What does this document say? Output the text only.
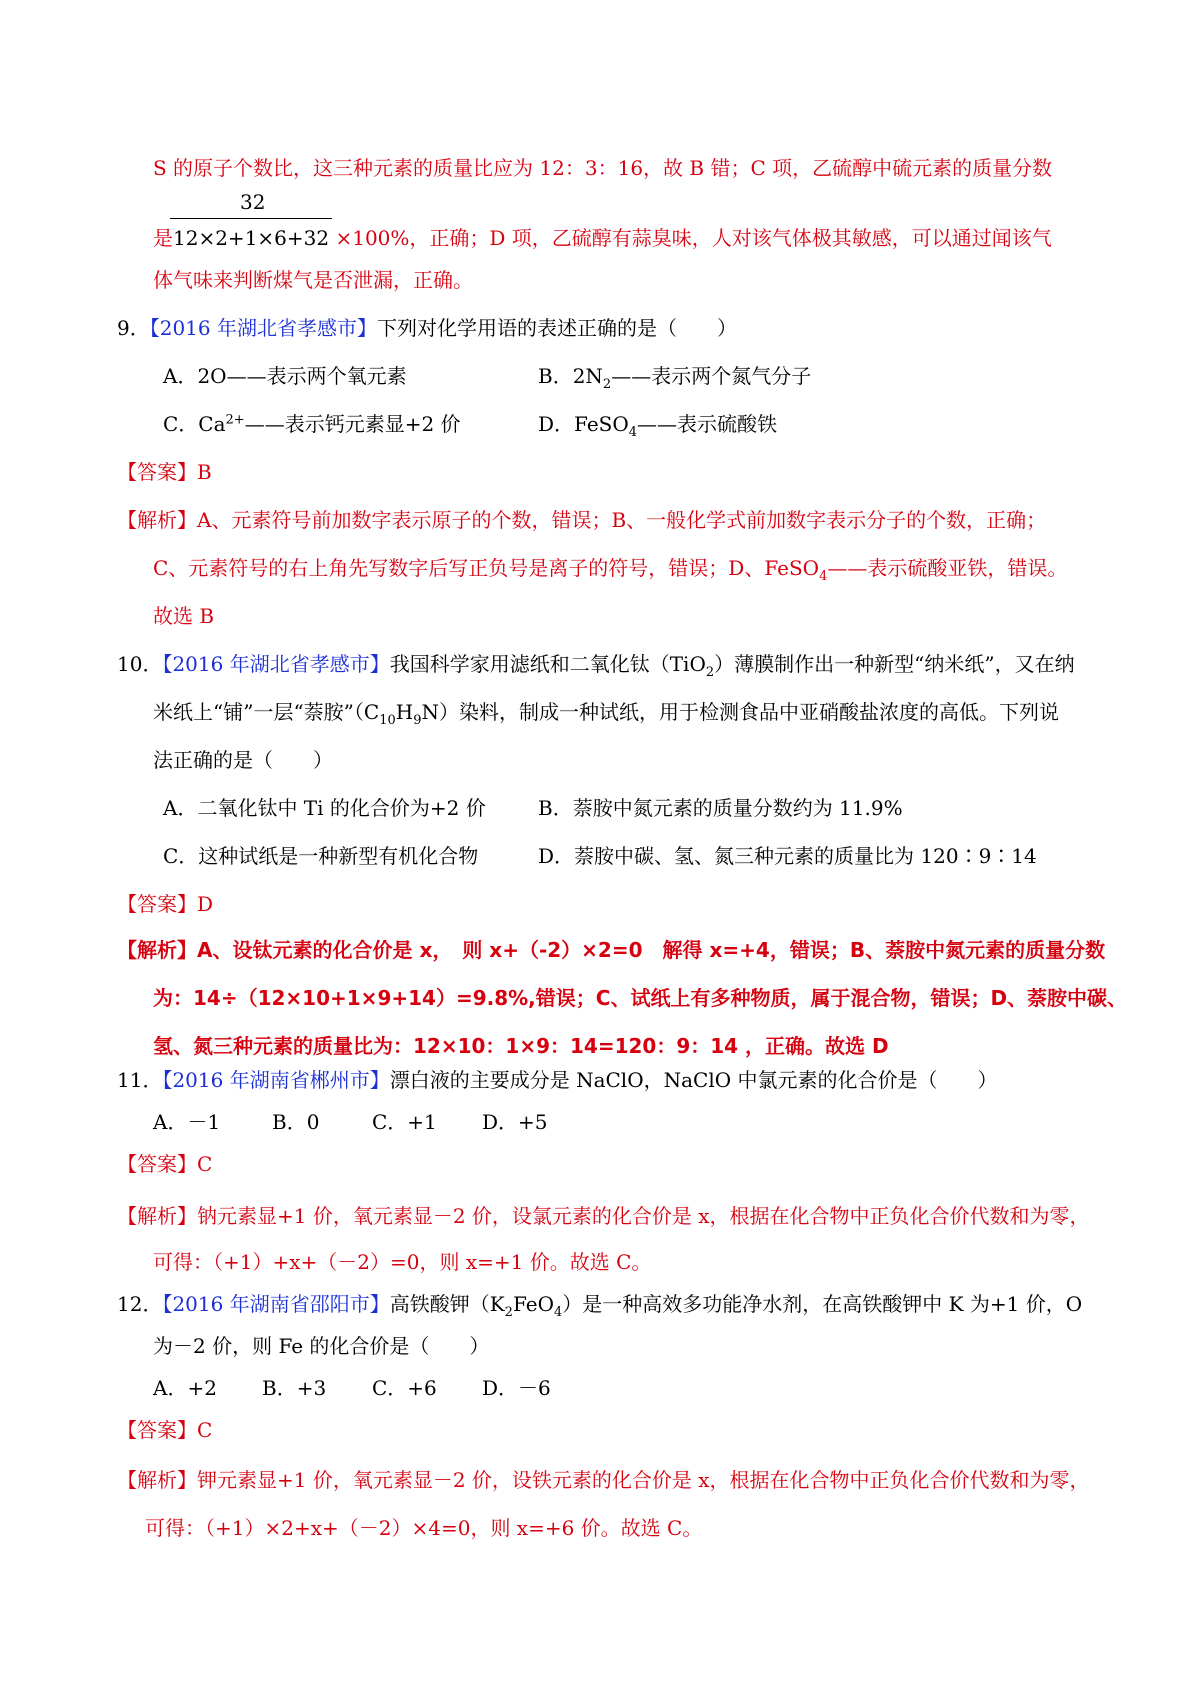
S 的原子个数比，这三种元素的质量比应为 12：3：16，故 B 错；C 项，乙硫醇中硫元素的质量分数
32
是12×2+1×6+32 ×100%，正确；D 项，乙硫醇有蒜臭味，人对该气体极其敏感，可以通过闻该气
体气味来判断煤气是否泄漏，正确。
9．【2016 年湖北省孝感市】下列对化学用语的表述正确的是（　　）
A．2O——表示两个氧元素	B．$2N_2——$表示两个氮气分子
C．$Ca^{2+}——$表示钙元素显+2 价	D．FeSO$_4$——表示硫酸铁
【答案】B
【解析】A、元素符号前加数字表示原子的个数，错误；B、一般化学式前加数字表示分子的个数，正确；
C、元素符号的右上角先写数字后写正负号是离子的符号，错误；D、FeSO$_4$——表示硫酸亚铁，错误。
故选 B
10．【2016 年湖北省孝感市】我国科学家用滤纸和二氧化钛（TiO$_2$）薄膜制作出一种新型“纳米纸”，又在纳
米纸上“铺”一层“萘胺$”(C_{10}H_9N)$染料，制成一种试纸，用于检测食品中亚硝酸盐浓度的高低。下列说
法正确的是（　　）
A．二氧化钛中 Ti 的化合价为+2 价	B．萘胺中氮元素的质量分数约为 11.9%
C．这种试纸是一种新型有机化合物	D．萘胺中碳、氢、氮三种元素的质量比为 120∶9∶14
【答案】D
【解析】A、设钛元素的化合价是 x，　则 x+（-2）×2=0　解得 x=+4，错误；B、萘胺中氮元素的质量分数
为：14÷（12×10+1×9+14）=9.8%,错误；C、试纸上有多种物质，属于混合物，错误；D、萘胺中碳、
氢、氮三种元素的质量比为：12×10：1×9：14=120：9：14 ，正确。故选 D
11．【2016 年湖南省郴州市】漂白液的主要成分是 NaClO，NaClO 中氯元素的化合价是（　　）
A．－1	B．0	C．+1 D．+5
【答案】C
【解析】钠元素显+1 价，氧元素显－2 价，设氯元素的化合价是 x，根据在化合物中正负化合价代数和为零，
可得：（+1）+x+（－2）=0，则 x=+1 价。故选 C。
12．【2016 年湖南省邵阳市】高铁酸钾$(K_2FeO_4)$是一种高效多功能净水剂，在高铁酸钾中 K 为+1 价，O
为－2 价，则 Fe 的化合价是（　　）
A．+2 B．+3 C．+6 D．－6
【答案】C
【解析】钾元素显+1 价，氧元素显－2 价，设铁元素的化合价是 x，根据在化合物中正负化合价代数和为零，
可得：（+1）×2+x+（－2）×4=0，则 x=+6 价。故选 C。
